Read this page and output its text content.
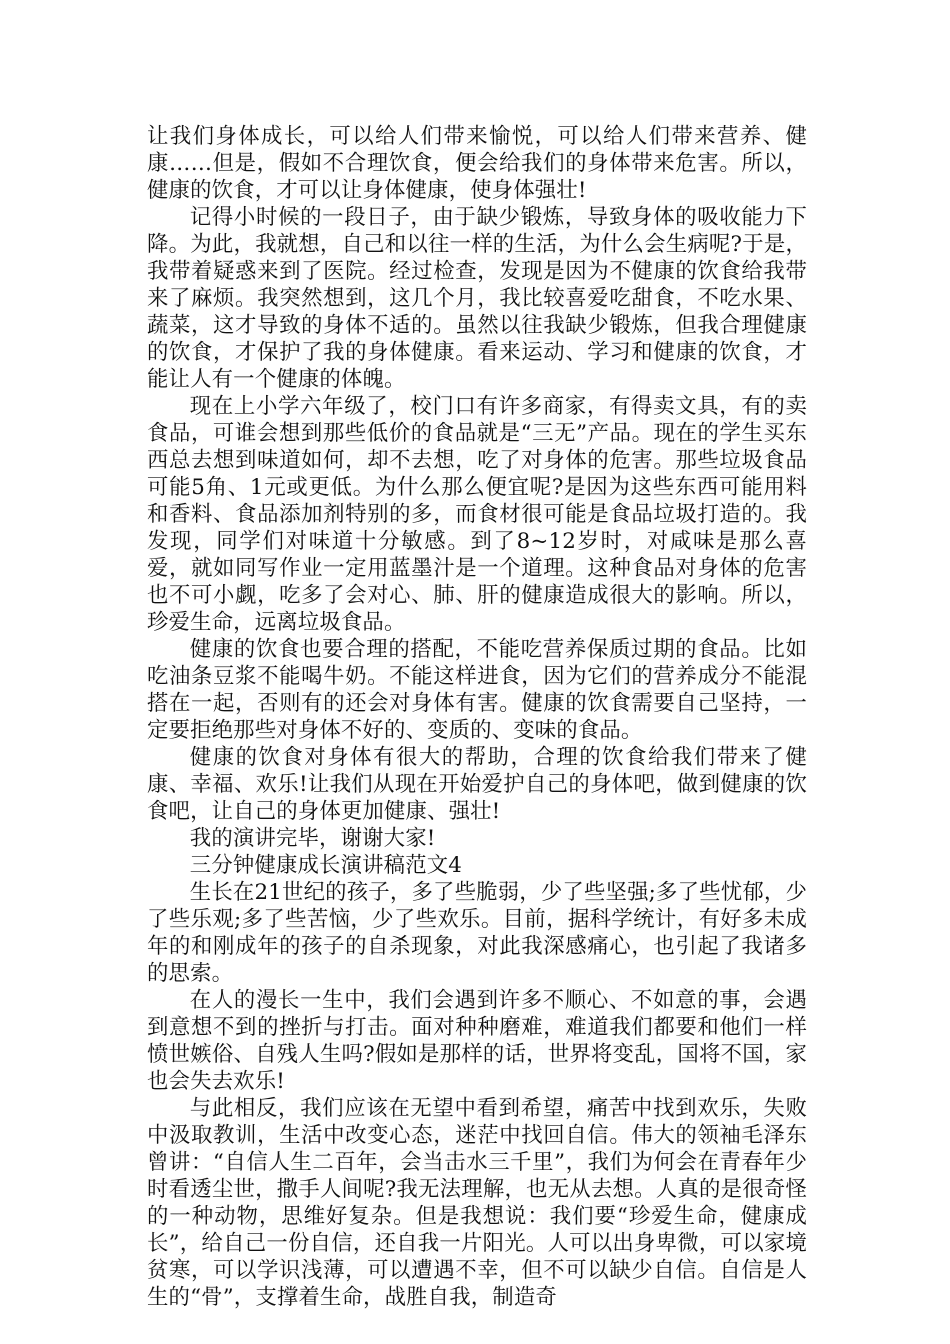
让我们身体成长，可以给人们带来愉悦，可以给人们带来营养、健康……但是，假如不合理饮食，便会给我们的身体带来危害。所以，健康的饮食，才可以让身体健康，使身体强壮!

记得小时候的一段日子，由于缺少锻炼，导致身体的吸收能力下降。为此，我就想，自己和以往一样的生活，为什么会生病呢?于是，我带着疑惑来到了医院。经过检查，发现是因为不健康的饮食给我带来了麻烦。我突然想到，这几个月，我比较喜爱吃甜食，不吃水果、蔬菜，这才导致的身体不适的。虽然以往我缺少锻炼，但我合理健康的饮食，才保护了我的身体健康。看来运动、学习和健康的饮食，才能让人有一个健康的体魄。

现在上小学六年级了，校门口有许多商家，有得卖文具，有的卖食品，可谁会想到那些低价的食品就是“三无”产品。现在的学生买东西总去想到味道如何，却不去想，吃了对身体的危害。那些垃圾食品可能5角、1元或更低。为什么那么便宜呢?是因为这些东西可能用料和香料、食品添加剂特别的多，而食材很可能是食品垃圾打造的。我发现，同学们对味道十分敏感。到了8~12岁时，对咸味是那么喜爱，就如同写作业一定用蓝墨汁是一个道理。这种食品对身体的危害也不可小觑，吃多了会对心、肺、肝的健康造成很大的影响。所以，珍爱生命，远离垃圾食品。

健康的饮食也要合理的搭配，不能吃营养保质过期的食品。比如吃油条豆浆不能喝牛奶。不能这样进食，因为它们的营养成分不能混搭在一起，否则有的还会对身体有害。健康的饮食需要自己坚持，一定要拒绝那些对身体不好的、变质的、变味的食品。

健康的饮食对身体有很大的帮助，合理的饮食给我们带来了健康、幸福、欢乐!让我们从现在开始爱护自己的身体吧，做到健康的饮食吧，让自己的身体更加健康、强壮!

我的演讲完毕，谢谢大家!

三分钟健康成长演讲稿范文4

生长在21世纪的孩子，多了些脆弱，少了些坚强;多了些忧郁，少了些乐观;多了些苦恼，少了些欢乐。目前，据科学统计，有好多未成年的和刚成年的孩子的自杀现象，对此我深感痛心，也引起了我诸多的思索。

在人的漫长一生中，我们会遇到许多不顺心、不如意的事，会遇到意想不到的挫折与打击。面对种种磨难，难道我们都要和他们一样愤世嫉俗、自残人生吗?假如是那样的话，世界将变乱，国将不国，家也会失去欢乐!

与此相反，我们应该在无望中看到希望，痛苦中找到欢乐，失败中汲取教训，生活中改变心态，迷茫中找回自信。伟大的领袖毛泽东曾讲：“自信人生二百年，会当击水三千里”，我们为何会在青春年少时看透尘世，撒手人间呢?我无法理解，也无从去想。人真的是很奇怪的一种动物，思维好复杂。但是我想说：我们要“珍爱生命，健康成长”，给自己一份自信，还自我一片阳光。人可以出身卑微，可以家境贫寒，可以学识浅薄，可以遭遇不幸，但不可以缺少自信。自信是人生的“骨”，支撑着生命，战胜自我，制造奇
